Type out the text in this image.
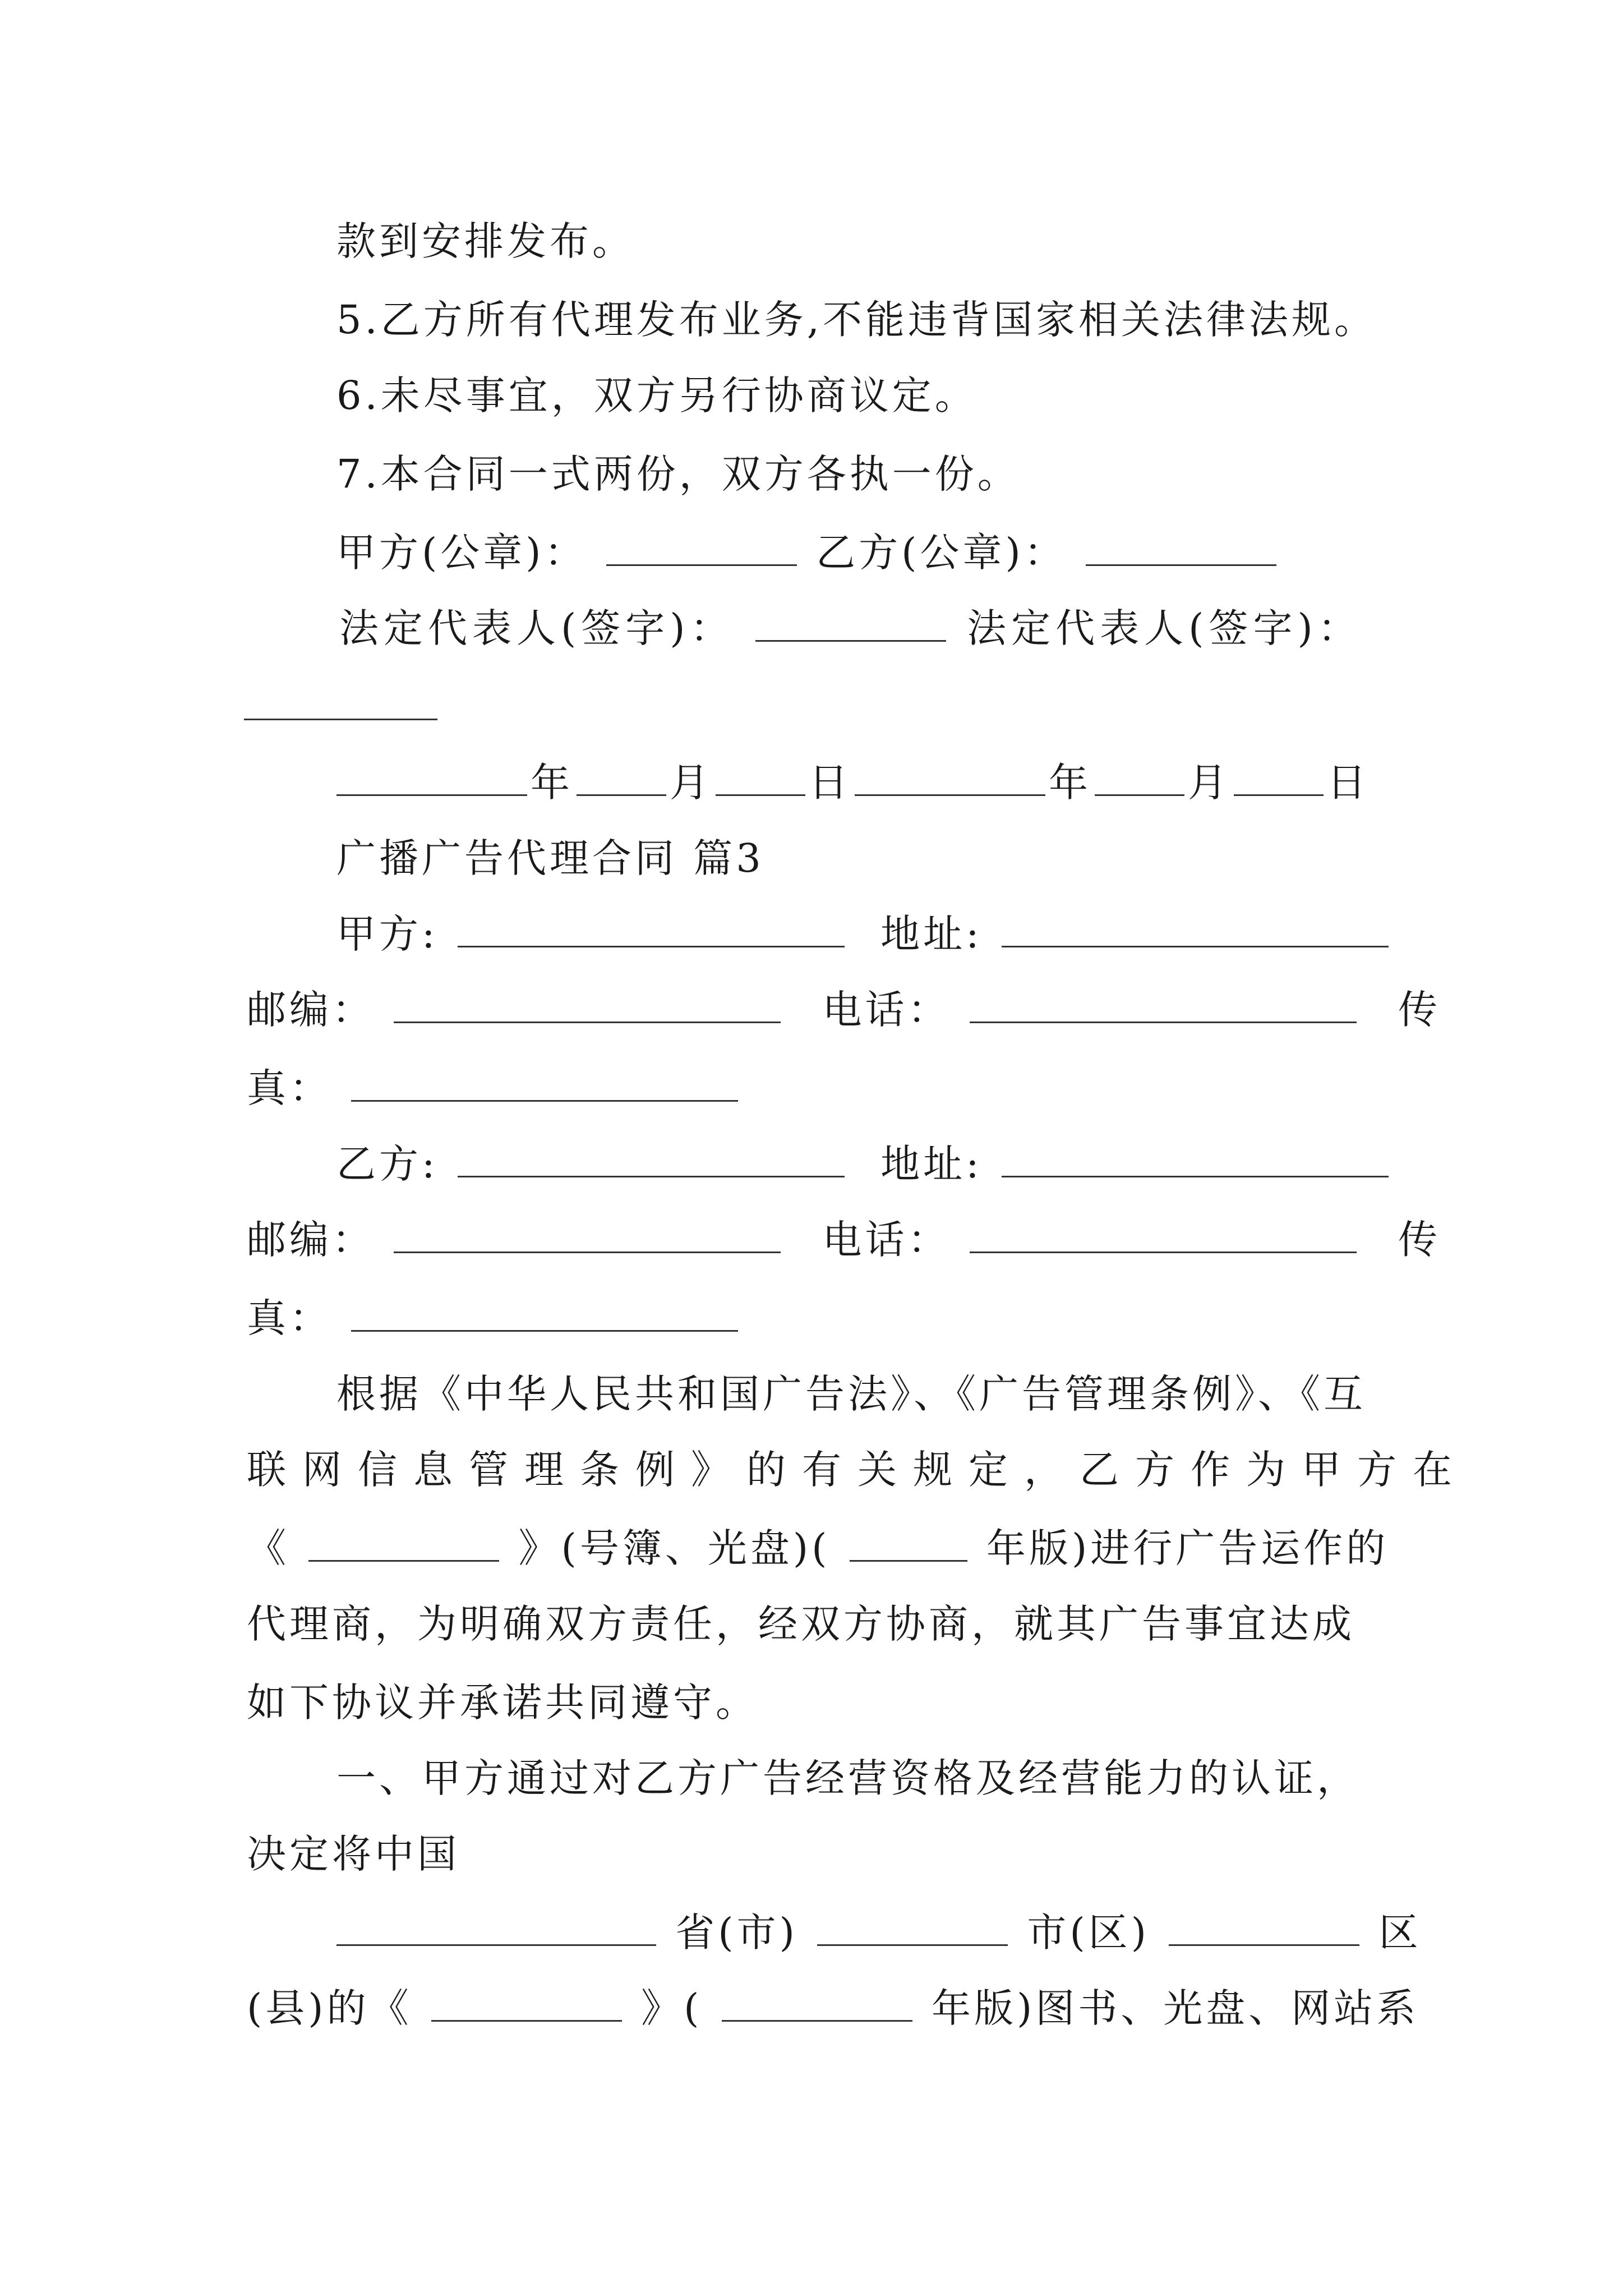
款到安排发布。
5.乙方所有代理发布业务,不能违背国家相关法律法规。
6.未尽事宜，双方另行协商议定。
7.本合同一式两份，双方各执一份。
甲方(公章)：	乙方(公章)：
法定代表人(签字)：	法定代表人(签字)：
年 月 日	年 月 日
广播广告代理合同 篇3
甲方:	地址:
邮编：	电话：	传
真：
乙方:	地址:
邮编：	电话：	传
真：
根据《中华人民共和国广告法》、《广告管理条例》、《互
联网信息管理条例》的有关规定，乙方作为甲方在
《	》(号簿、光盘)(	年版)进行广告运作的
代理商，为明确双方责任，经双方协商，就其广告事宜达成
如下协议并承诺共同遵守。
一、甲方通过对乙方广告经营资格及经营能力的认证，
决定将中国
省(市)	市(区)	区
(县)的《	》(	年版)图书、光盘、网站系
